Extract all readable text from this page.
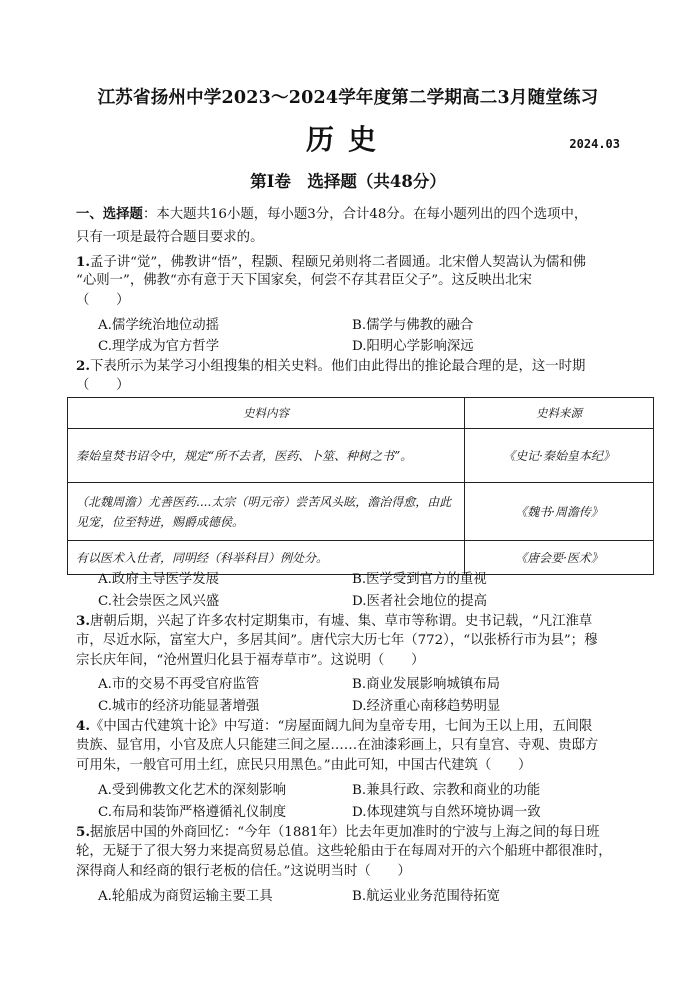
江苏省扬州中学2023～2024学年度第二学期高二3月随堂练习
历史	2024.03
第Ⅰ卷　选择题（共48分）
一、选择题：本大题共16小题，每小题3分，合计48分。在每小题列出的四个选项中，
只有一项是最符合题目要求的。
1.孟子讲“觉”，佛教讲“悟”，程颢、程颐兄弟则将二者圆通。北宋僧人契嵩认为儒和佛
“心则一”，佛教“亦有意于天下国家矣，何尝不存其君臣父子”。这反映出北宋
（　　）
A.儒学统治地位动摇	B.儒学与佛教的融合
C.理学成为官方哲学	D.阳明心学影响深远
2.下表所示为某学习小组搜集的相关史料。他们由此得出的推论最合理的是，这一时期
（　　）
史料内容	史料来源
秦始皇焚书诏令中，规定“所不去者，医药、卜筮、种树之书”。	《史记·秦始皇本纪》
（北魏周澹）尤善医药....太宗（明元帝）尝苦风头眩，澹治得愈，由此见宠，位至特进，赐爵成德侯。	《魏书·周澹传》
有以医术入仕者，同明经（科举科目）例处分。	《唐会要·医术》
A.政府主导医学发展	B.医学受到官方的重视
C.社会崇医之风兴盛	D.医者社会地位的提高
3.唐朝后期，兴起了许多农村定期集市，有墟、集、草市等称谓。史书记载，“凡江淮草
市，尽近水际，富室大户，多居其间”。唐代宗大历七年（772），“以张桥行市为县”；穆
宗长庆年间，“沧州置归化县于福寿草市”。这说明（　　）
A.市的交易不再受官府监管	B.商业发展影响城镇布局
C.城市的经济功能显著增强	D.经济重心南移趋势明显
4.《中国古代建筑十论》中写道：“房屋面阔九间为皇帝专用，七间为王以上用，五间限
贵族、显官用，小官及庶人只能建三间之屋……在油漆彩画上，只有皇宫、寺观、贵邸方
可用朱，一般官可用土红，庶民只用黑色。”由此可知，中国古代建筑（　　）
A.受到佛教文化艺术的深刻影响	B.兼具行政、宗教和商业的功能
C.布局和装饰严格遵循礼仪制度	D.体现建筑与自然环境协调一致
5.据旅居中国的外商回忆：“今年（1881年）比去年更加准时的宁波与上海之间的每日班
轮，无疑于了很大努力来提高贸易总值。这些轮船由于在每周对开的六个船班中都很准时，
深得商人和经商的银行老板的信任。”这说明当时（　　）
A.轮船成为商贸运输主要工具	B.航运业业务范围待拓宽
